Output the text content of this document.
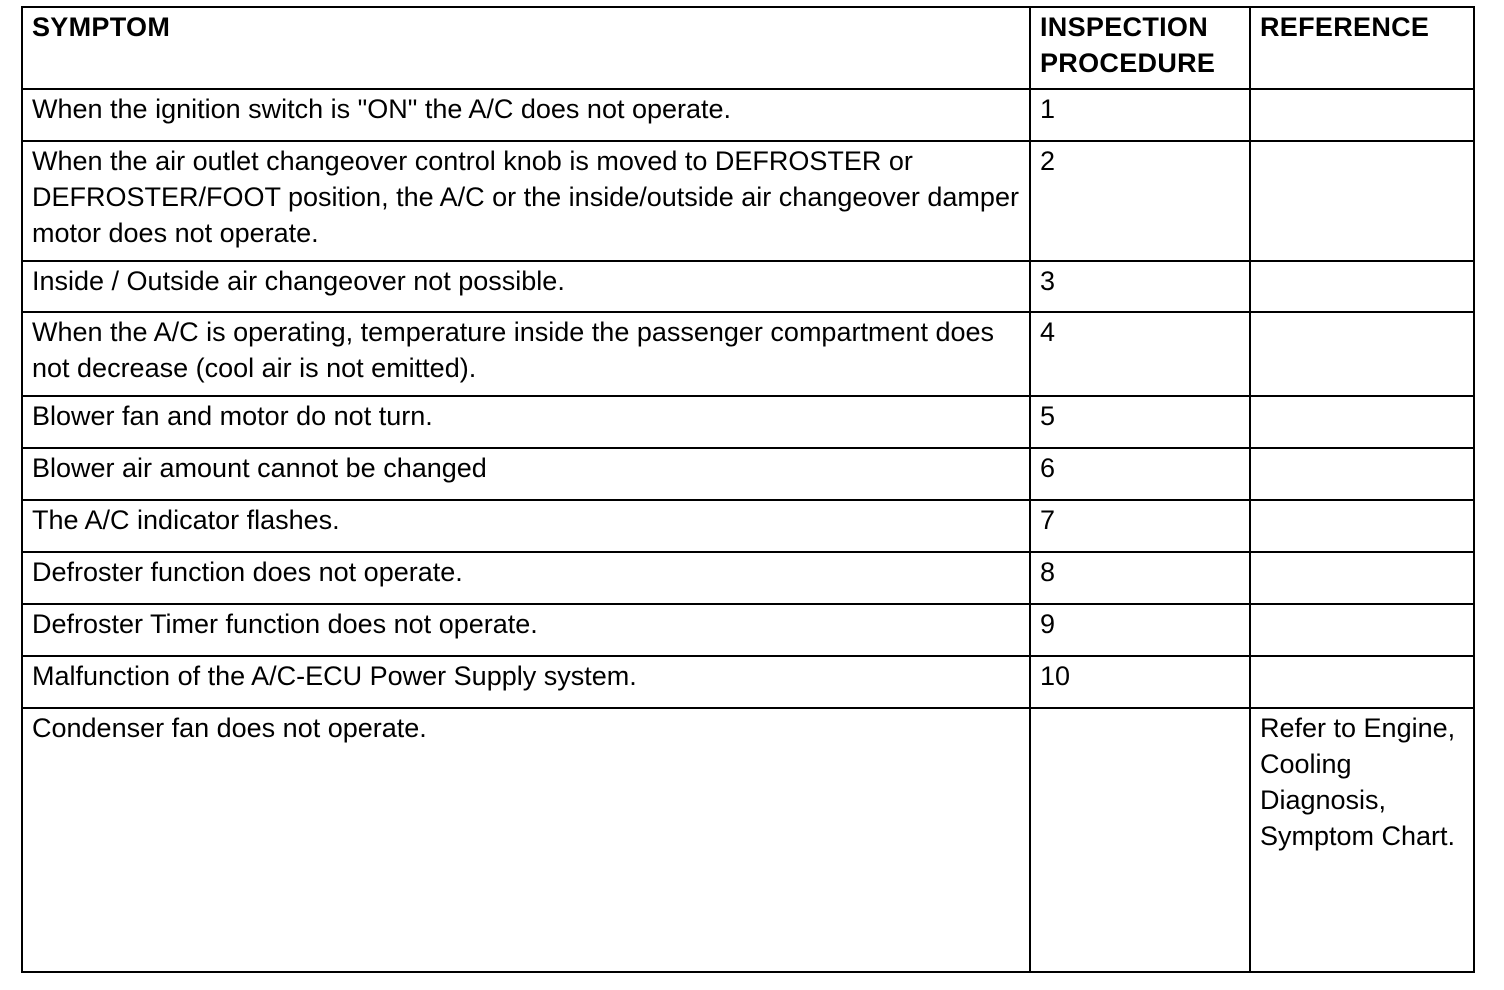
SYMPTOM	INSPECTION PROCEDURE	REFERENCE
When the ignition switch is "ON" the A/C does not operate.	1	
When the air outlet changeover control knob is moved to DEFROSTER or DEFROSTER/FOOT position, the A/C or the inside/outside air changeover damper motor does not operate.	2	
Inside / Outside air changeover not possible.	3	
When the A/C is operating, temperature inside the passenger compartment does not decrease (cool air is not emitted).	4	
Blower fan and motor do not turn.	5	
Blower air amount cannot be changed	6	
The A/C indicator flashes.	7	
Defroster function does not operate.	8	
Defroster Timer function does not operate.	9	
Malfunction of the A/C-ECU Power Supply system.	10	
Condenser fan does not operate.		Refer to Engine, Cooling Diagnosis, Symptom Chart.
